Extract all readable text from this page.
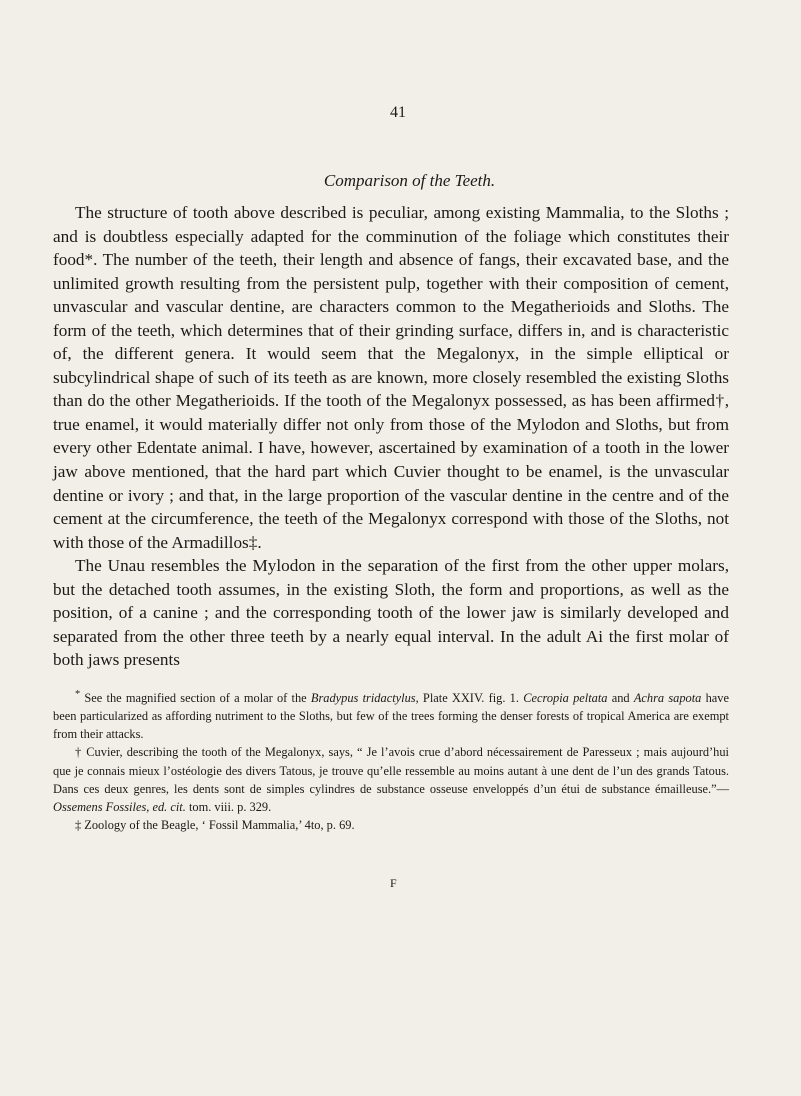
41
Comparison of the Teeth.

The structure of tooth above described is peculiar, among existing Mammalia, to the Sloths ; and is doubtless especially adapted for the comminution of the foliage which constitutes their food*. The number of the teeth, their length and absence of fangs, their excavated base, and the unlimited growth resulting from the persistent pulp, together with their composition of cement, unvascular and vascular dentine, are characters common to the Megatherioids and Sloths. The form of the teeth, which determines that of their grinding surface, differs in, and is characteristic of, the different genera. It would seem that the Megalonyx, in the simple elliptical or subcylindrical shape of such of its teeth as are known, more closely resembled the existing Sloths than do the other Megatherioids. If the tooth of the Megalonyx possessed, as has been affirmed†, true enamel, it would materially differ not only from those of the Mylodon and Sloths, but from every other Edentate animal. I have, however, ascertained by examination of a tooth in the lower jaw above mentioned, that the hard part which Cuvier thought to be enamel, is the unvascular dentine or ivory ; and that, in the large proportion of the vascular dentine in the centre and of the cement at the circumference, the teeth of the Megalonyx correspond with those of the Sloths, not with those of the Armadillos‡.

The Unau resembles the Mylodon in the separation of the first from the other upper molars, but the detached tooth assumes, in the existing Sloth, the form and proportions, as well as the position, of a canine ; and the corresponding tooth of the lower jaw is similarly developed and separated from the other three teeth by a nearly equal interval. In the adult Ai the first molar of both jaws presents

* See the magnified section of a molar of the Bradypus tridactylus, Plate XXIV. fig. 1. Cecropia peltata and Achra sapota have been particularized as affording nutriment to the Sloths, but few of the trees forming the denser forests of tropical America are exempt from their attacks.

† Cuvier, describing the tooth of the Megalonyx, says, “ Je l’avois crue d’abord nécessairement de Paresseux ; mais aujourd’hui que je connais mieux l’ostéologie des divers Tatous, je trouve qu’elle ressemble au moins autant à une dent de l’un des grands Tatous. Dans ces deux genres, les dents sont de simples cylindres de substance osseuse enveloppés d’un étui de substance émailleuse.”—Ossemens Fossiles, ed. cit. tom. viii. p. 329.

‡ Zoology of the Beagle, ‘ Fossil Mammalia,’ 4to, p. 69.

F
